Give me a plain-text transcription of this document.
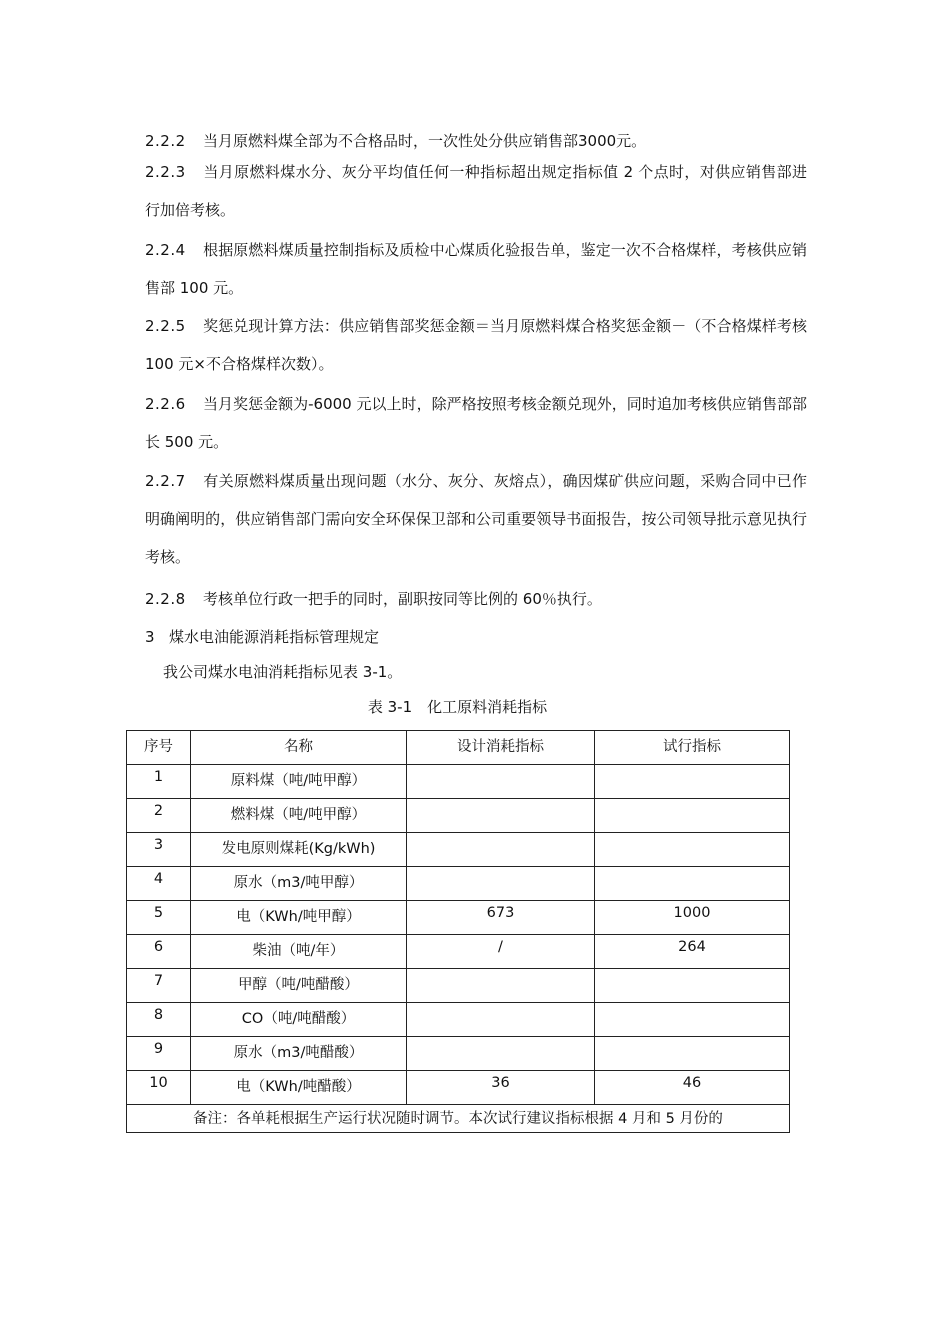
2.2.2 当月原燃料煤全部为不合格品时，一次性处分供应销售部3000元。

2.2.3 当月原燃料煤水分、灰分平均值任何一种指标超出规定指标值 2 个点时，对供应销售部进行加倍考核。

2.2.4 根据原燃料煤质量控制指标及质检中心煤质化验报告单，鉴定一次不合格煤样，考核供应销售部 100 元。

2.2.5 奖惩兑现计算方法：供应销售部奖惩金额＝当月原燃料煤合格奖惩金额－（不合格煤样考核 100 元×不合格煤样次数）。

2.2.6 当月奖惩金额为-6000 元以上时，除严格按照考核金额兑现外，同时追加考核供应销售部部长 500 元。

2.2.7 有关原燃料煤质量出现问题（水分、灰分、灰熔点），确因煤矿供应问题，采购合同中已作明确阐明的，供应销售部门需向安全环保保卫部和公司重要领导书面报告，按公司领导批示意见执行考核。

2.2.8 考核单位行政一把手的同时，副职按同等比例的 60％执行。

3 煤水电油能源消耗指标管理规定

我公司煤水电油消耗指标见表 3-1。

表 3-1　化工原料消耗指标

序号	名称	设计消耗指标	试行指标
1	原料煤（吨/吨甲醇）		
2	燃料煤（吨/吨甲醇）		
3	发电原则煤耗(Kg/kWh)		
4	原水（m3/吨甲醇）		
5	电（KWh/吨甲醇）	673	1000
6	柴油（吨/年）	/	264
7	甲醇（吨/吨醋酸）		
8	CO（吨/吨醋酸）		
9	原水（m3/吨醋酸）		
10	电（KWh/吨醋酸）	36	46
备注：各单耗根据生产运行状况随时调节。本次试行建议指标根据 4 月和 5 月份的			
